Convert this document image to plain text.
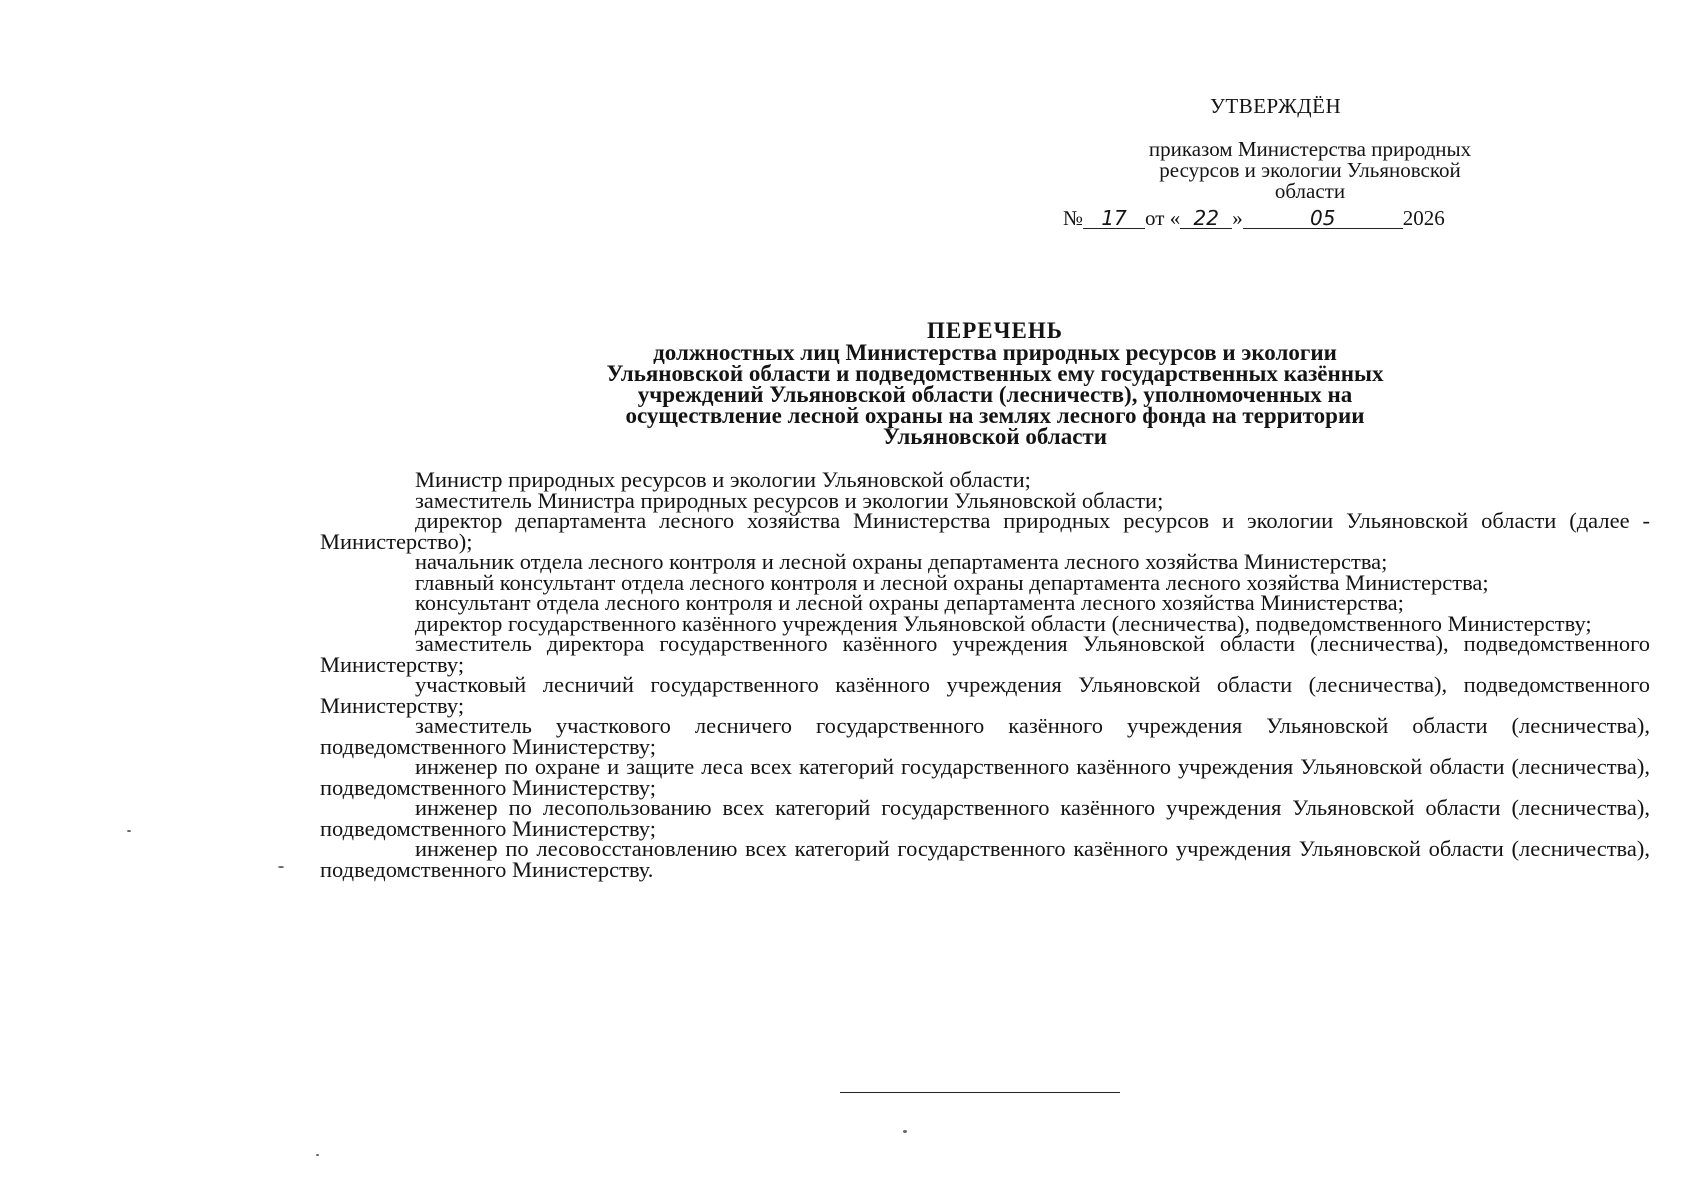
УТВЕРЖДЁН
приказом Министерства природных
ресурсов и экологии Ульяновской
области
№ 17 от « 22 »	05	2026
ПЕРЕЧЕНЬ
должностных лиц Министерства природных ресурсов и экологии
Ульяновской области и подведомственных ему государственных казённых
учреждений Ульяновской области (лесничеств), уполномоченных на
осуществление лесной охраны на землях лесного фонда на территории
Ульяновской области

Министр природных ресурсов и экологии Ульяновской области;

заместитель Министра природных ресурсов и экологии Ульяновской области;

директор департамента лесного хозяйства Министерства природных ресурсов и экологии Ульяновской области (далее - Министерство);

начальник отдела лесного контроля и лесной охраны департамента лесного хозяйства Министерства;

главный консультант отдела лесного контроля и лесной охраны департамента лесного хозяйства Министерства;

консультант отдела лесного контроля и лесной охраны департамента лесного хозяйства Министерства;

директор государственного казённого учреждения Ульяновской области (лесничества), подведомственного Министерству;

заместитель директора государственного казённого учреждения Ульяновской области (лесничества), подведомственного Министерству;

участковый лесничий государственного казённого учреждения Ульяновской области (лесничества), подведомственного Министерству;

заместитель участкового лесничего государственного казённого учреждения Ульяновской области (лесничества), подведомственного Министерству;

инженер по охране и защите леса всех категорий государственного казённого учреждения Ульяновской области (лесничества), подведомственного Министерству;

инженер по лесопользованию всех категорий государственного казённого учреждения Ульяновской области (лесничества), подведомственного Министерству;

инженер по лесовосстановлению всех категорий государственного казённого учреждения Ульяновской области (лесничества), подведомственного Министерству.
